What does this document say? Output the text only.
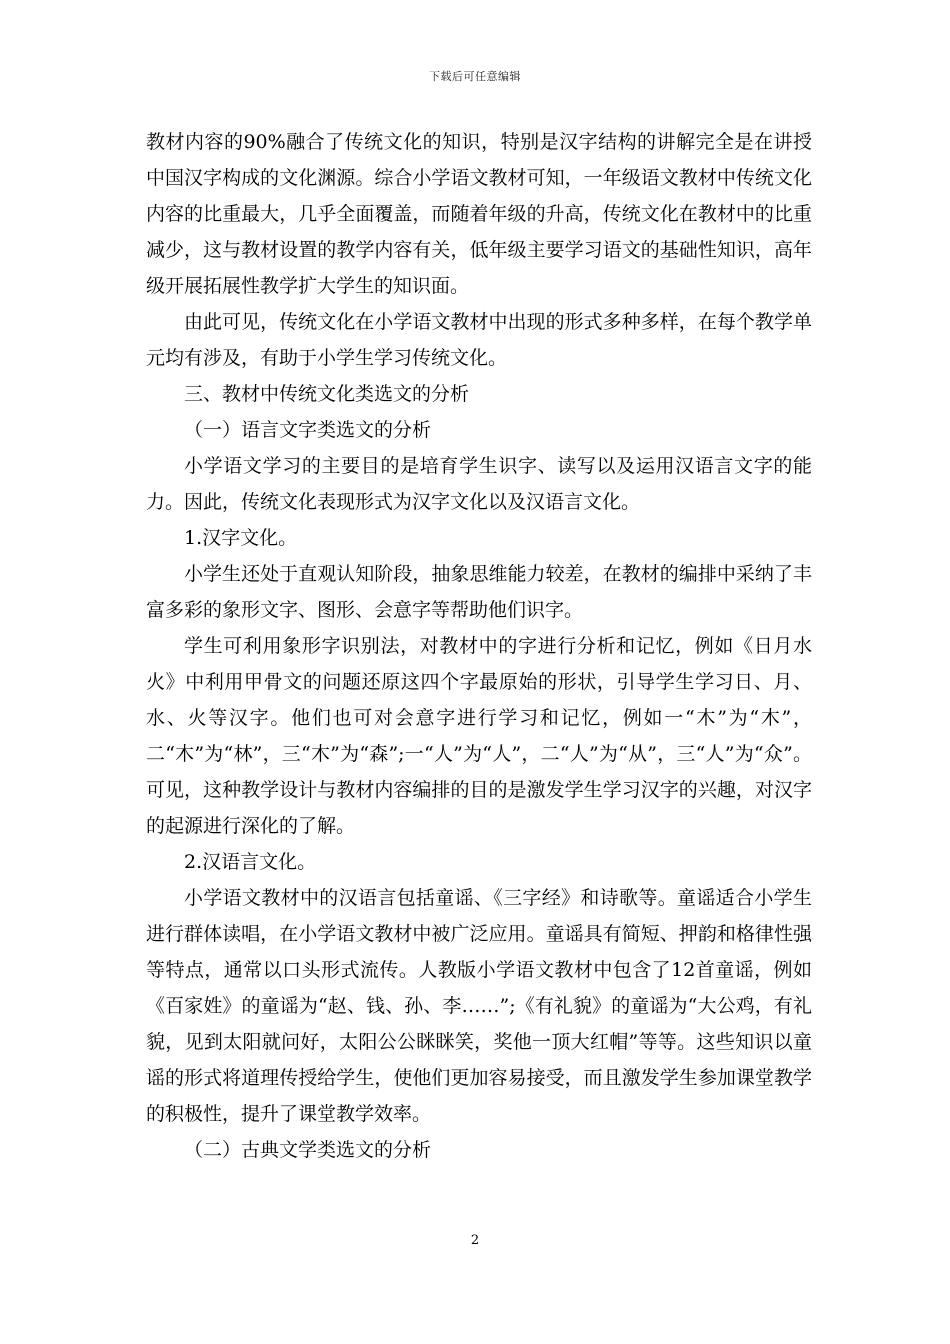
下载后可任意编辑

教材内容的90%融合了传统文化的知识，特别是汉字结构的讲解完全是在讲授中国汉字构成的文化渊源。综合小学语文教材可知，一年级语文教材中传统文化内容的比重最大，几乎全面覆盖，而随着年级的升高，传统文化在教材中的比重减少，这与教材设置的教学内容有关，低年级主要学习语文的基础性知识，高年级开展拓展性教学扩大学生的知识面。

由此可见，传统文化在小学语文教材中出现的形式多种多样，在每个教学单元均有涉及，有助于小学生学习传统文化。

三、教材中传统文化类选文的分析

（一）语言文字类选文的分析

小学语文学习的主要目的是培育学生识字、读写以及运用汉语言文字的能力。因此，传统文化表现形式为汉字文化以及汉语言文化。

1.汉字文化。

小学生还处于直观认知阶段，抽象思维能力较差，在教材的编排中采纳了丰富多彩的象形文字、图形、会意字等帮助他们识字。

学生可利用象形字识别法，对教材中的字进行分析和记忆，例如《日月水火》中利用甲骨文的问题还原这四个字最原始的形状，引导学生学习日、月、水、火等汉字。他们也可对会意字进行学习和记忆，例如一“木”为“木”，二“木”为“林”，三“木”为“森”;一“人”为“人”，二“人”为“从”，三“人”为“众”。可见，这种教学设计与教材内容编排的目的是激发学生学习汉字的兴趣，对汉字的起源进行深化的了解。

2.汉语言文化。

小学语文教材中的汉语言包括童谣、《三字经》和诗歌等。童谣适合小学生进行群体读唱，在小学语文教材中被广泛应用。童谣具有简短、押韵和格律性强等特点，通常以口头形式流传。人教版小学语文教材中包含了12首童谣，例如《百家姓》的童谣为“赵、钱、孙、李……”;《有礼貌》的童谣为“大公鸡，有礼貌，见到太阳就问好，太阳公公眯眯笑，奖他一顶大红帽”等等。这些知识以童谣的形式将道理传授给学生，使他们更加容易接受，而且激发学生参加课堂教学的积极性，提升了课堂教学效率。

（二）古典文学类选文的分析

2
